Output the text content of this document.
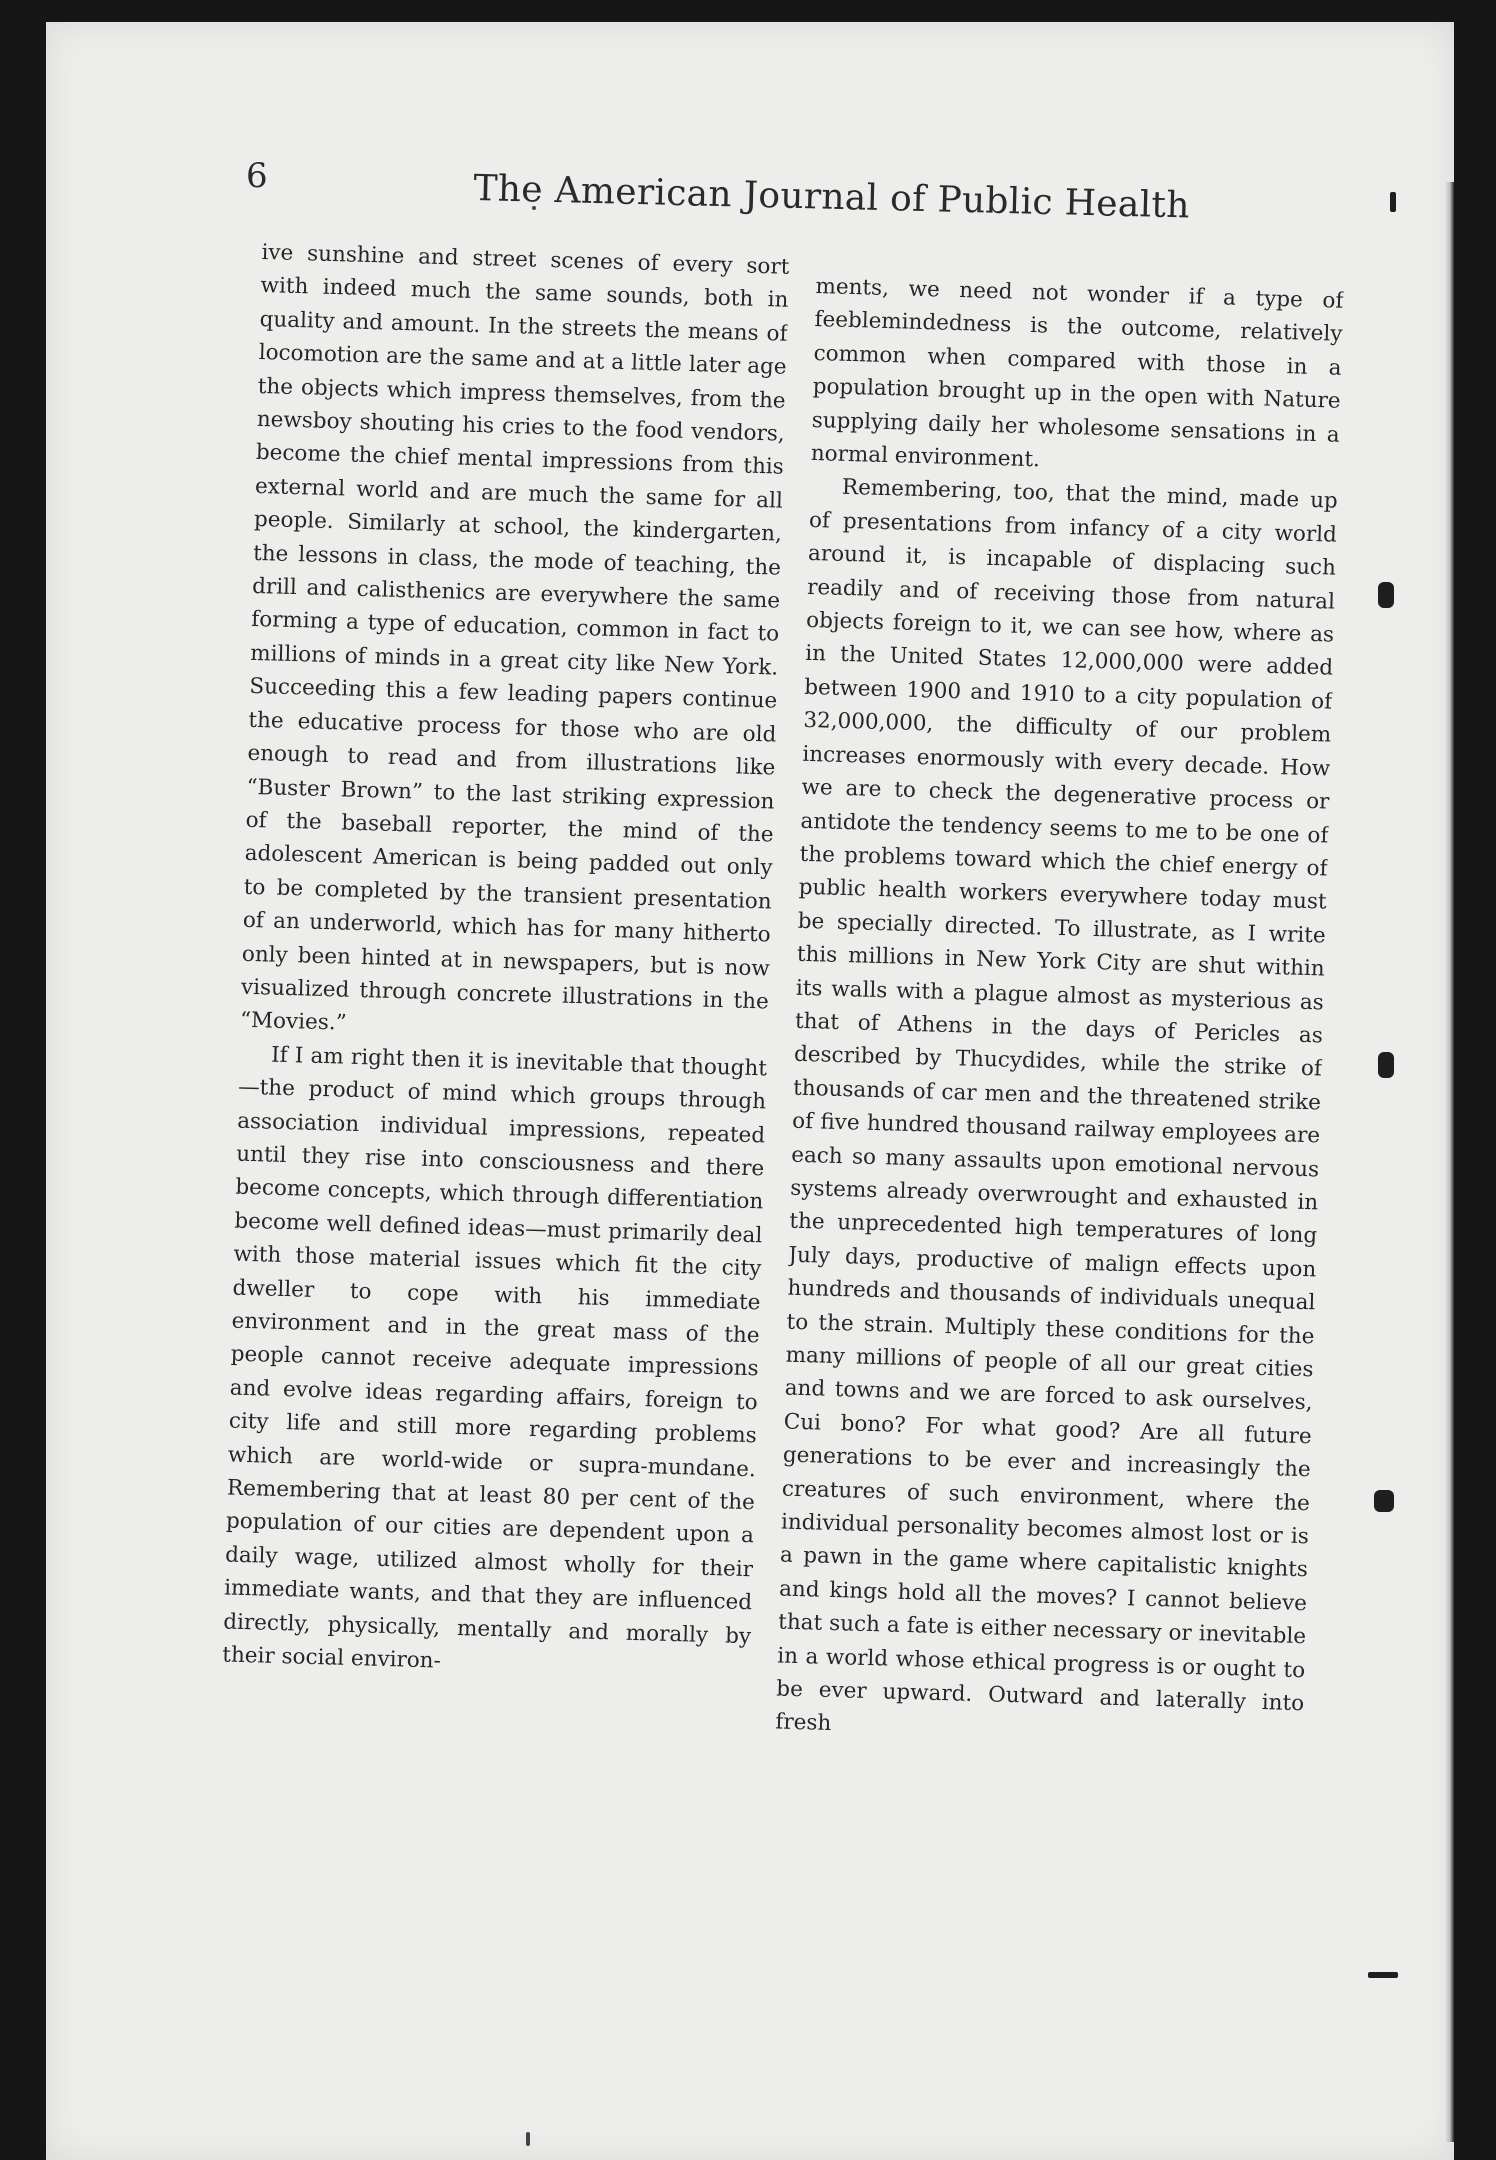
6	The American Journal of Public Health

ive sunshine and street scenes of every sort with indeed much the same sounds, both in quality and amount. In the streets the means of locomotion are the same and at a little later age the objects which impress themselves, from the newsboy shouting his cries to the food vendors, become the chief mental impressions from this external world and are much the same for all people. Similarly at school, the kindergarten, the lessons in class, the mode of teaching, the drill and calisthenics are everywhere the same forming a type of education, common in fact to millions of minds in a great city like New York. Succeeding this a few leading papers continue the educative process for those who are old enough to read and from illustrations like “Buster Brown” to the last striking expression of the baseball reporter, the mind of the adolescent American is being padded out only to be completed by the transient presentation of an underworld, which has for many hitherto only been hinted at in newspapers, but is now visualized through concrete illustrations in the “Movies.”

If I am right then it is inevitable that thought—the product of mind which groups through association individual impressions, repeated until they rise into consciousness and there become concepts, which through differentiation become well defined ideas—must primarily deal with those material issues which fit the city dweller to cope with his immediate environment and in the great mass of the people cannot receive adequate impressions and evolve ideas regarding affairs, foreign to city life and still more regarding problems which are world-wide or supra-mundane. Remembering that at least 80 per cent of the population of our cities are dependent upon a daily wage, utilized almost wholly for their immediate wants, and that they are influenced directly, physically, mentally and morally by their social environ-

ments, we need not wonder if a type of feeblemindedness is the outcome, relatively common when compared with those in a population brought up in the open with Nature supplying daily her wholesome sensations in a normal environment.

Remembering, too, that the mind, made up of presentations from infancy of a city world around it, is incapable of displacing such readily and of receiving those from natural objects foreign to it, we can see how, where as in the United States 12,000,000 were added between 1900 and 1910 to a city population of 32,000,000, the difficulty of our problem increases enormously with every decade. How we are to check the degenerative process or antidote the tendency seems to me to be one of the problems toward which the chief energy of public health workers everywhere today must be specially directed. To illustrate, as I write this millions in New York City are shut within its walls with a plague almost as mysterious as that of Athens in the days of Pericles as described by Thucydides, while the strike of thousands of car men and the threatened strike of five hundred thousand railway employees are each so many assaults upon emotional nervous systems already overwrought and exhausted in the unprecedented high temperatures of long July days, productive of malign effects upon hundreds and thousands of individuals unequal to the strain. Multiply these conditions for the many millions of people of all our great cities and towns and we are forced to ask ourselves, Cui bono? For what good? Are all future generations to be ever and increasingly the creatures of such environment, where the individual personality becomes almost lost or is a pawn in the game where capitalistic knights and kings hold all the moves? I cannot believe that such a fate is either necessary or inevitable in a world whose ethical progress is or ought to be ever upward. Outward and laterally into fresh
